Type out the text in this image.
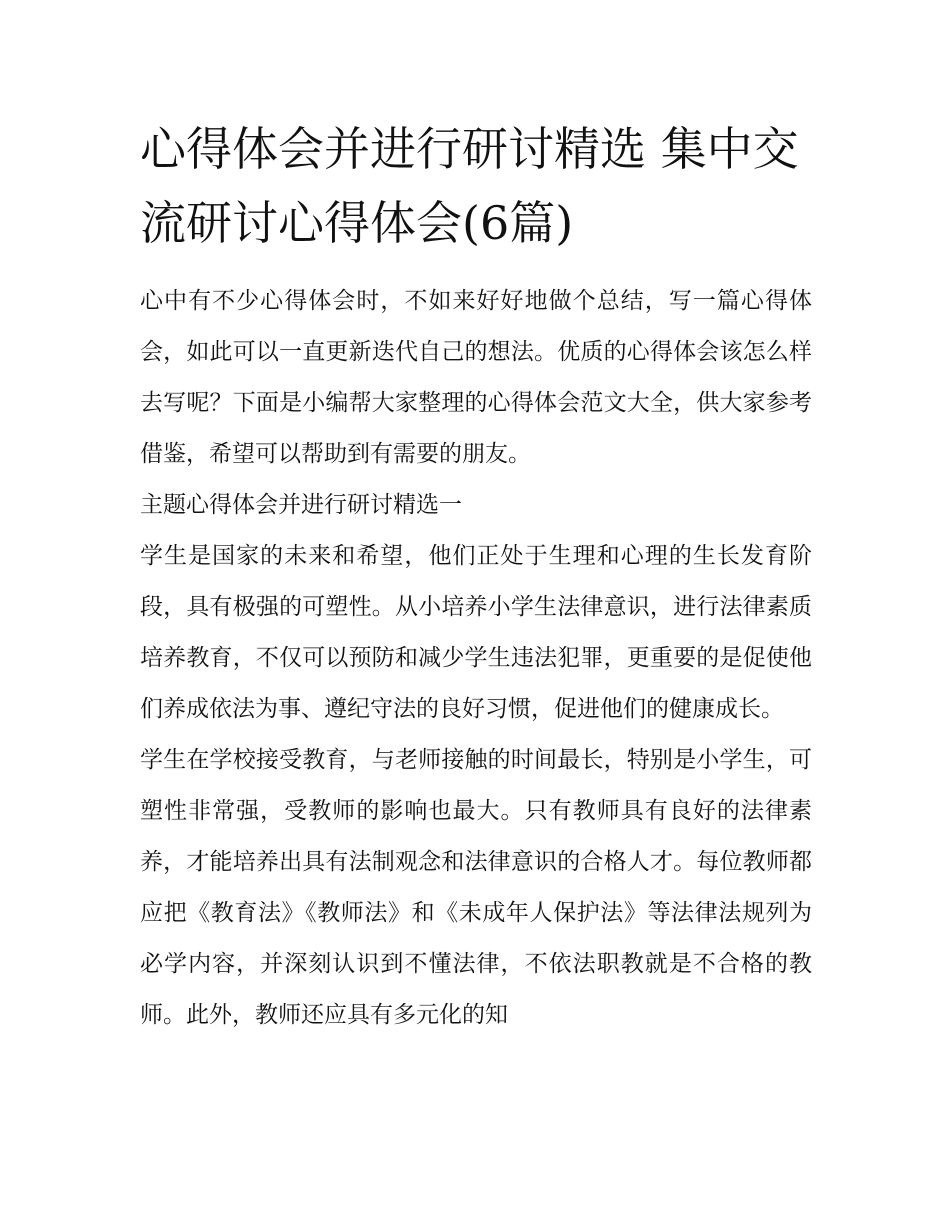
心得体会并进行研讨精选 集中交流研讨心得体会(6篇)

心中有不少心得体会时，不如来好好地做个总结，写一篇心得体会，如此可以一直更新迭代自己的想法。优质的心得体会该怎么样去写呢？下面是小编帮大家整理的心得体会范文大全，供大家参考借鉴，希望可以帮助到有需要的朋友。

主题心得体会并进行研讨精选一

学生是国家的未来和希望，他们正处于生理和心理的生长发育阶段，具有极强的可塑性。从小培养小学生法律意识，进行法律素质培养教育，不仅可以预防和减少学生违法犯罪，更重要的是促使他们养成依法为事、遵纪守法的良好习惯，促进他们的健康成长。

学生在学校接受教育，与老师接触的时间最长，特别是小学生，可塑性非常强，受教师的影响也最大。只有教师具有良好的法律素养，才能培养出具有法制观念和法律意识的合格人才。每位教师都应把《教育法》《教师法》和《未成年人保护法》等法律法规列为必学内容，并深刻认识到不懂法律，不依法职教就是不合格的教师。此外，教师还应具有多元化的知
